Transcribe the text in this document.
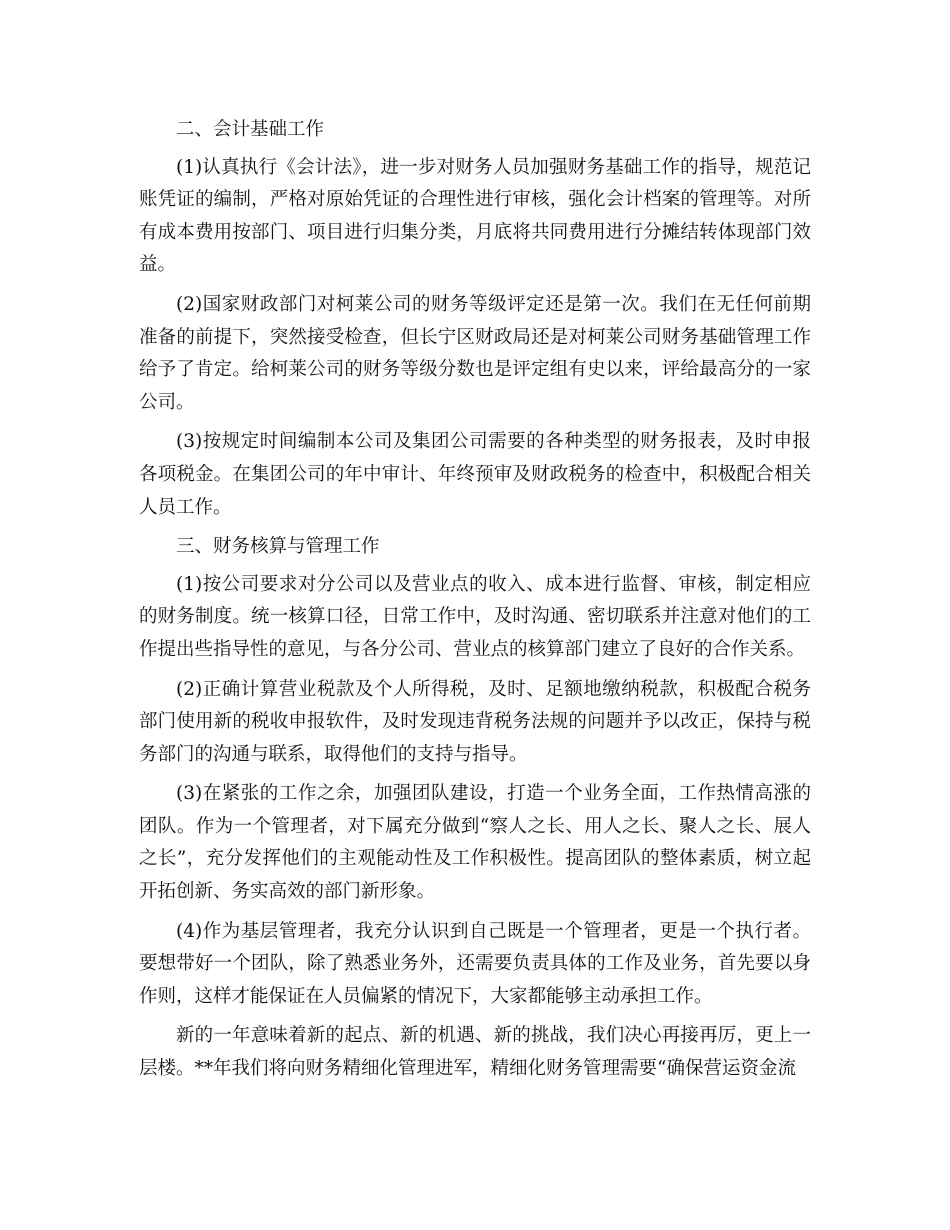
二、会计基础工作

(1)认真执行《会计法》，进一步对财务人员加强财务基础工作的指导，规范记账凭证的编制，严格对原始凭证的合理性进行审核，强化会计档案的管理等。对所有成本费用按部门、项目进行归集分类，月底将共同费用进行分摊结转体现部门效益。

(2)国家财政部门对柯莱公司的财务等级评定还是第一次。我们在无任何前期准备的前提下，突然接受检查，但长宁区财政局还是对柯莱公司财务基础管理工作给予了肯定。给柯莱公司的财务等级分数也是评定组有史以来，评给最高分的一家公司。

(3)按规定时间编制本公司及集团公司需要的各种类型的财务报表，及时申报各项税金。在集团公司的年中审计、年终预审及财政税务的检查中，积极配合相关人员工作。

三、财务核算与管理工作

(1)按公司要求对分公司以及营业点的收入、成本进行监督、审核，制定相应的财务制度。统一核算口径，日常工作中，及时沟通、密切联系并注意对他们的工作提出些指导性的意见，与各分公司、营业点的核算部门建立了良好的合作关系。

(2)正确计算营业税款及个人所得税，及时、足额地缴纳税款，积极配合税务部门使用新的税收申报软件，及时发现违背税务法规的问题并予以改正，保持与税务部门的沟通与联系，取得他们的支持与指导。

(3)在紧张的工作之余，加强团队建设，打造一个业务全面，工作热情高涨的团队。作为一个管理者，对下属充分做到“察人之长、用人之长、聚人之长、展人之长”，充分发挥他们的主观能动性及工作积极性。提高团队的整体素质，树立起开拓创新、务实高效的部门新形象。

(4)作为基层管理者，我充分认识到自己既是一个管理者，更是一个执行者。要想带好一个团队，除了熟悉业务外，还需要负责具体的工作及业务，首先要以身作则，这样才能保证在人员偏紧的情况下，大家都能够主动承担工作。

新的一年意味着新的起点、新的机遇、新的挑战，我们决心再接再厉，更上一层楼。**年我们将向财务精细化管理进军，精细化财务管理需要“确保营运资金流
